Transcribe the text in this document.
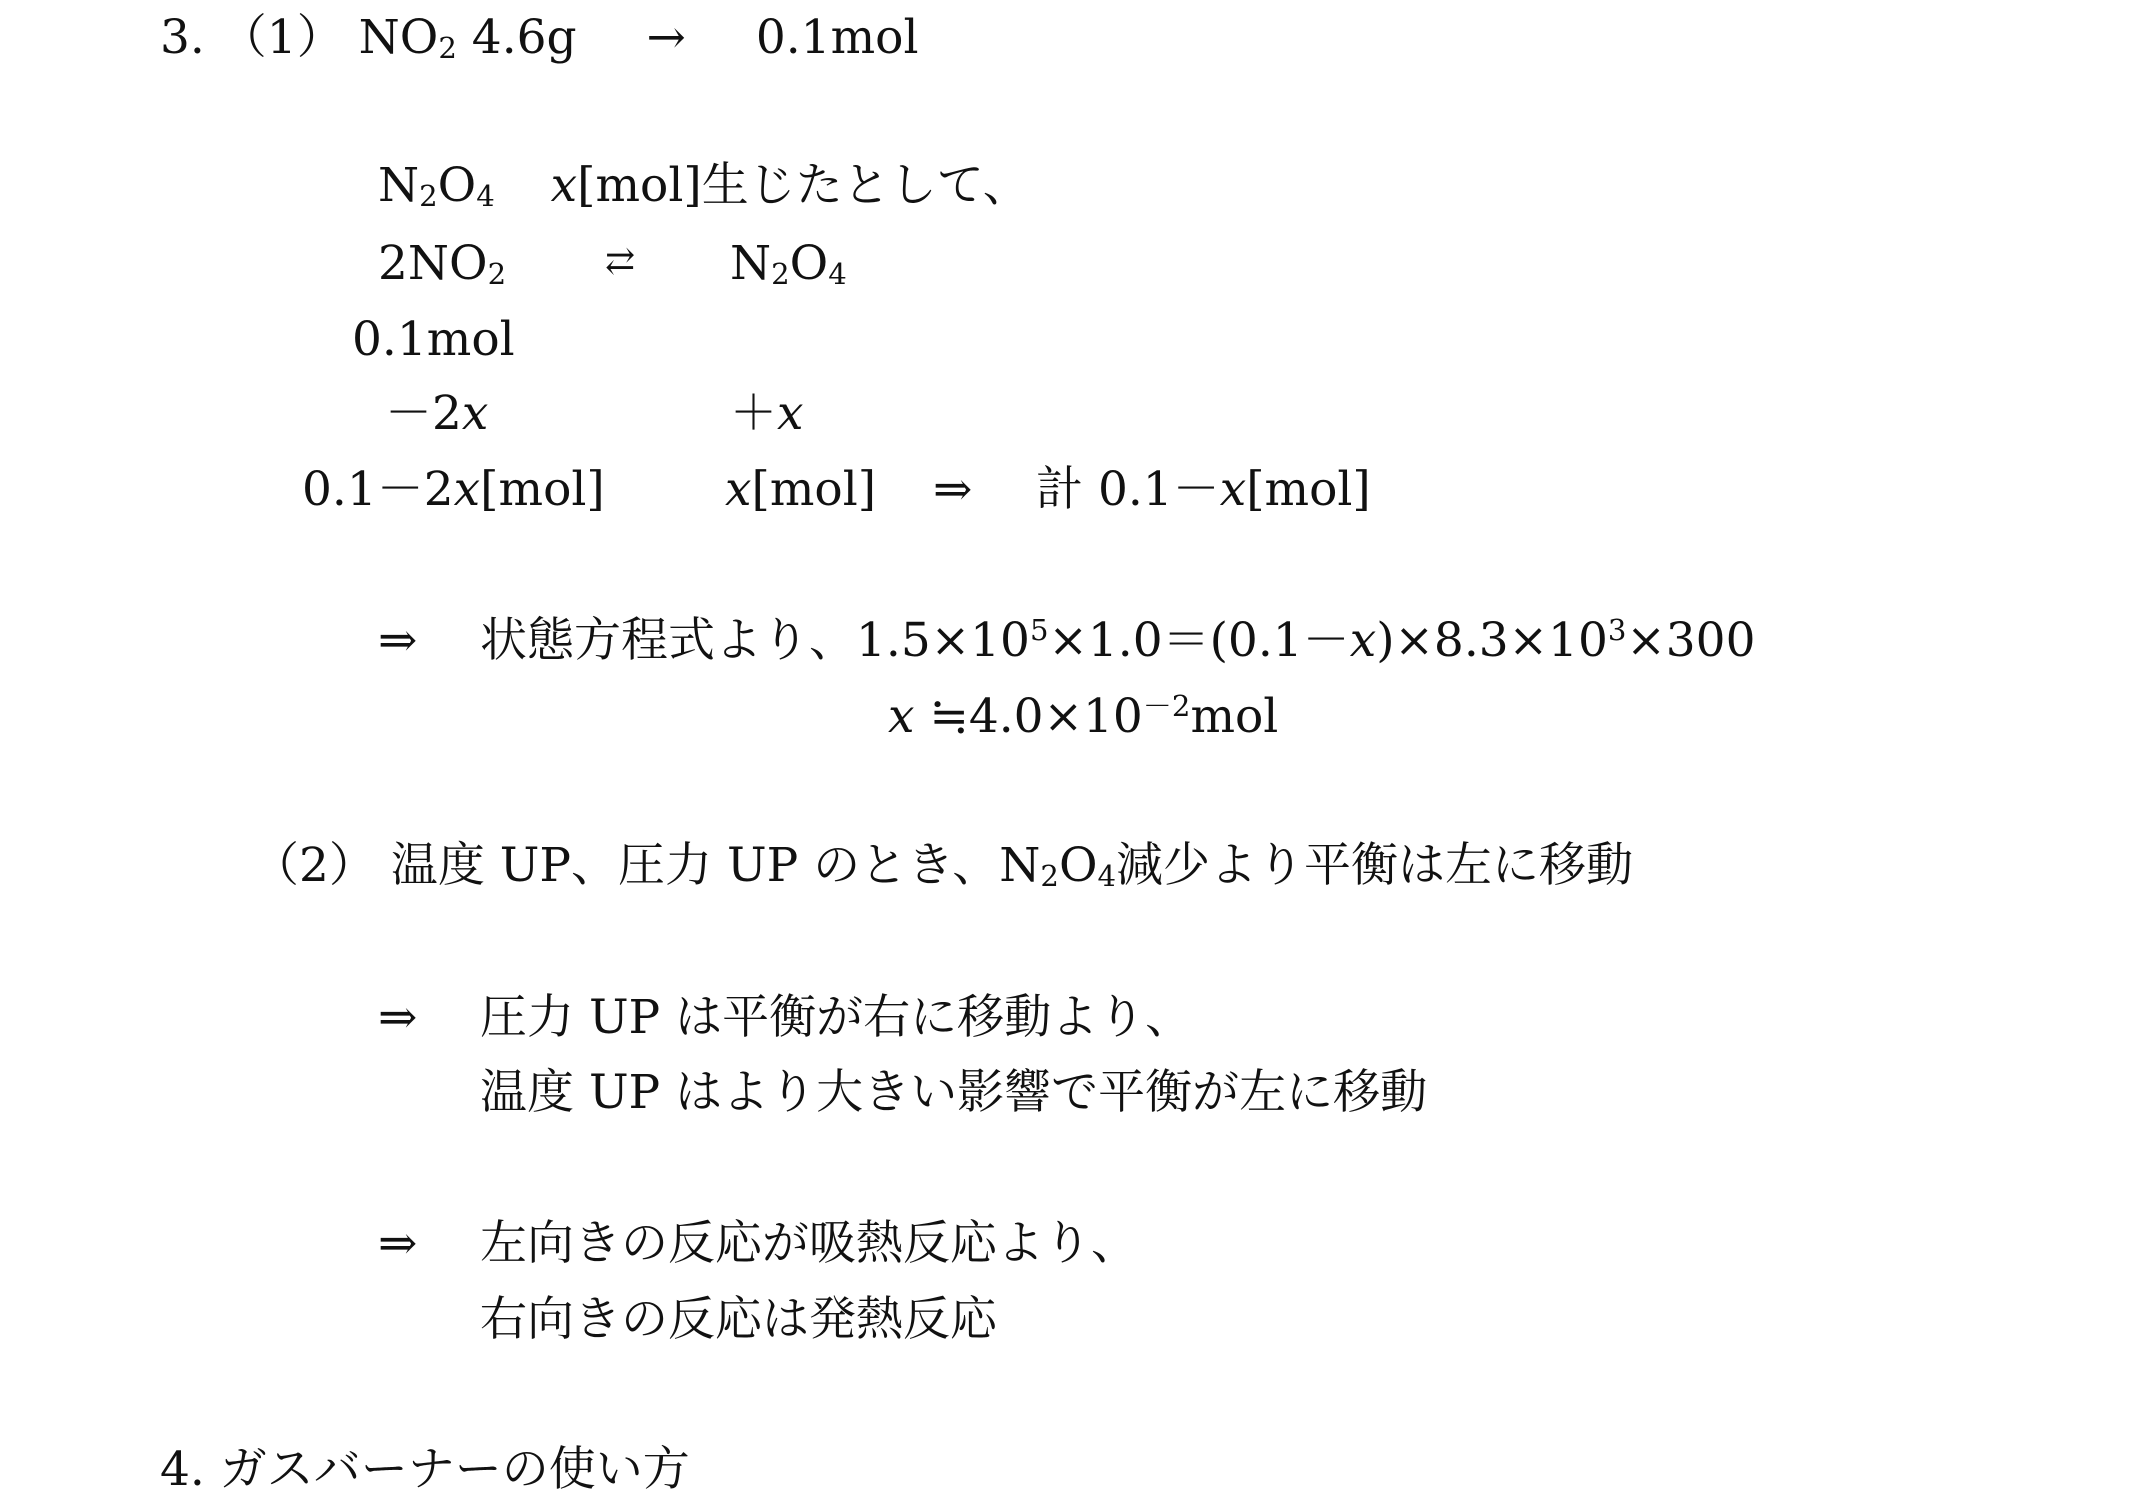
3. （1） $NO_2$ 4.6g → 0.1mol
$N_2O_4$ x[mol]生じたとして、
$2NO_2$	⇄ $N_2O_4$
0.1mol
－2x	＋x
0.1－2x[mol]	x[mol] ⇒ 計 0.1－x[mol]
⇒ 状態方程式より、$1.5\times 10^5\times 1.0=(0.1-x)\times 8.3\times 10^3\times 300$
x $≒4.0\times 10^{-2}mol$
（2） 温度 UP、圧力 UP のとき、$N_2O_4$減少より平衡は左に移動
⇒ 圧力 UP は平衡が右に移動より、
温度 UP はより大きい影響で平衡が左に移動
⇒ 左向きの反応が吸熱反応より、
右向きの反応は発熱反応
4. ガスバーナーの使い方
